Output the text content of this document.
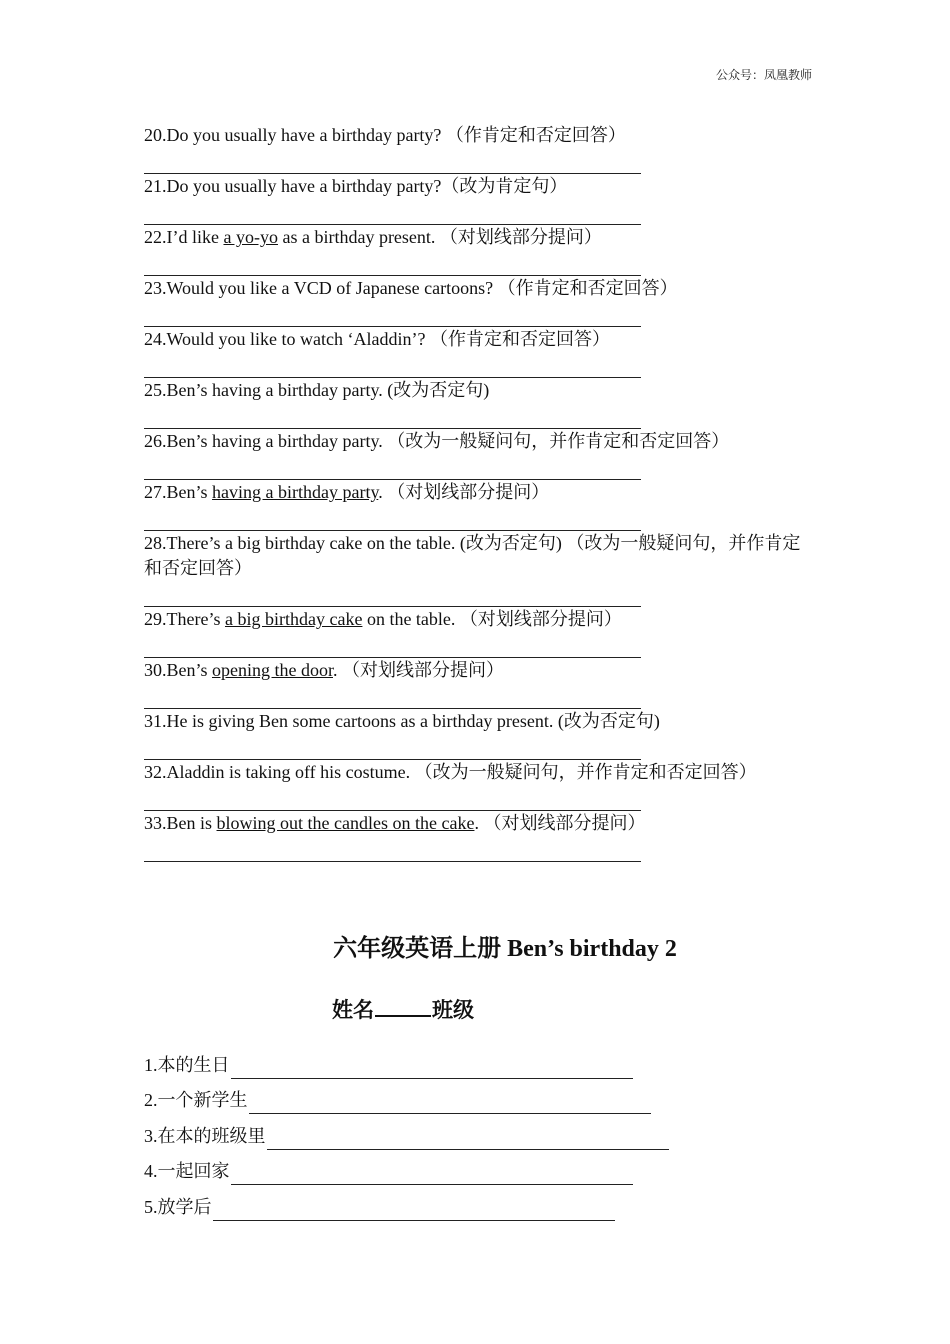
公众号：凤凰教师

20.Do you usually have a birthday party? （作肯定和否定回答）

21.Do you usually have a birthday party?（改为肯定句）

22.I’d like a yo-yo as a birthday present. （对划线部分提问）

23.Would you like a VCD of Japanese cartoons? （作肯定和否定回答）

24.Would you like to watch ‘Aladdin’? （作肯定和否定回答）

25.Ben’s having a birthday party. (改为否定句)

26.Ben’s having a birthday party. （改为一般疑问句，并作肯定和否定回答）

27.Ben’s having a birthday party. （对划线部分提问）

28.There’s a big birthday cake on the table. (改为否定句) （改为一般疑问句，并作肯定和否定回答）

29.There’s a big birthday cake on the table. （对划线部分提问）

30.Ben’s opening the door. （对划线部分提问）

31.He is giving Ben some cartoons as a birthday present. (改为否定句)

32.Aladdin is taking off his costume. （改为一般疑问句，并作肯定和否定回答）

33.Ben is blowing out the candles on the cake. （对划线部分提问）

六年级英语上册 Ben’s birthday 2
姓名	班级
1.本的生日
2.一个新学生
3.在本的班级里
4.一起回家
5.放学后
